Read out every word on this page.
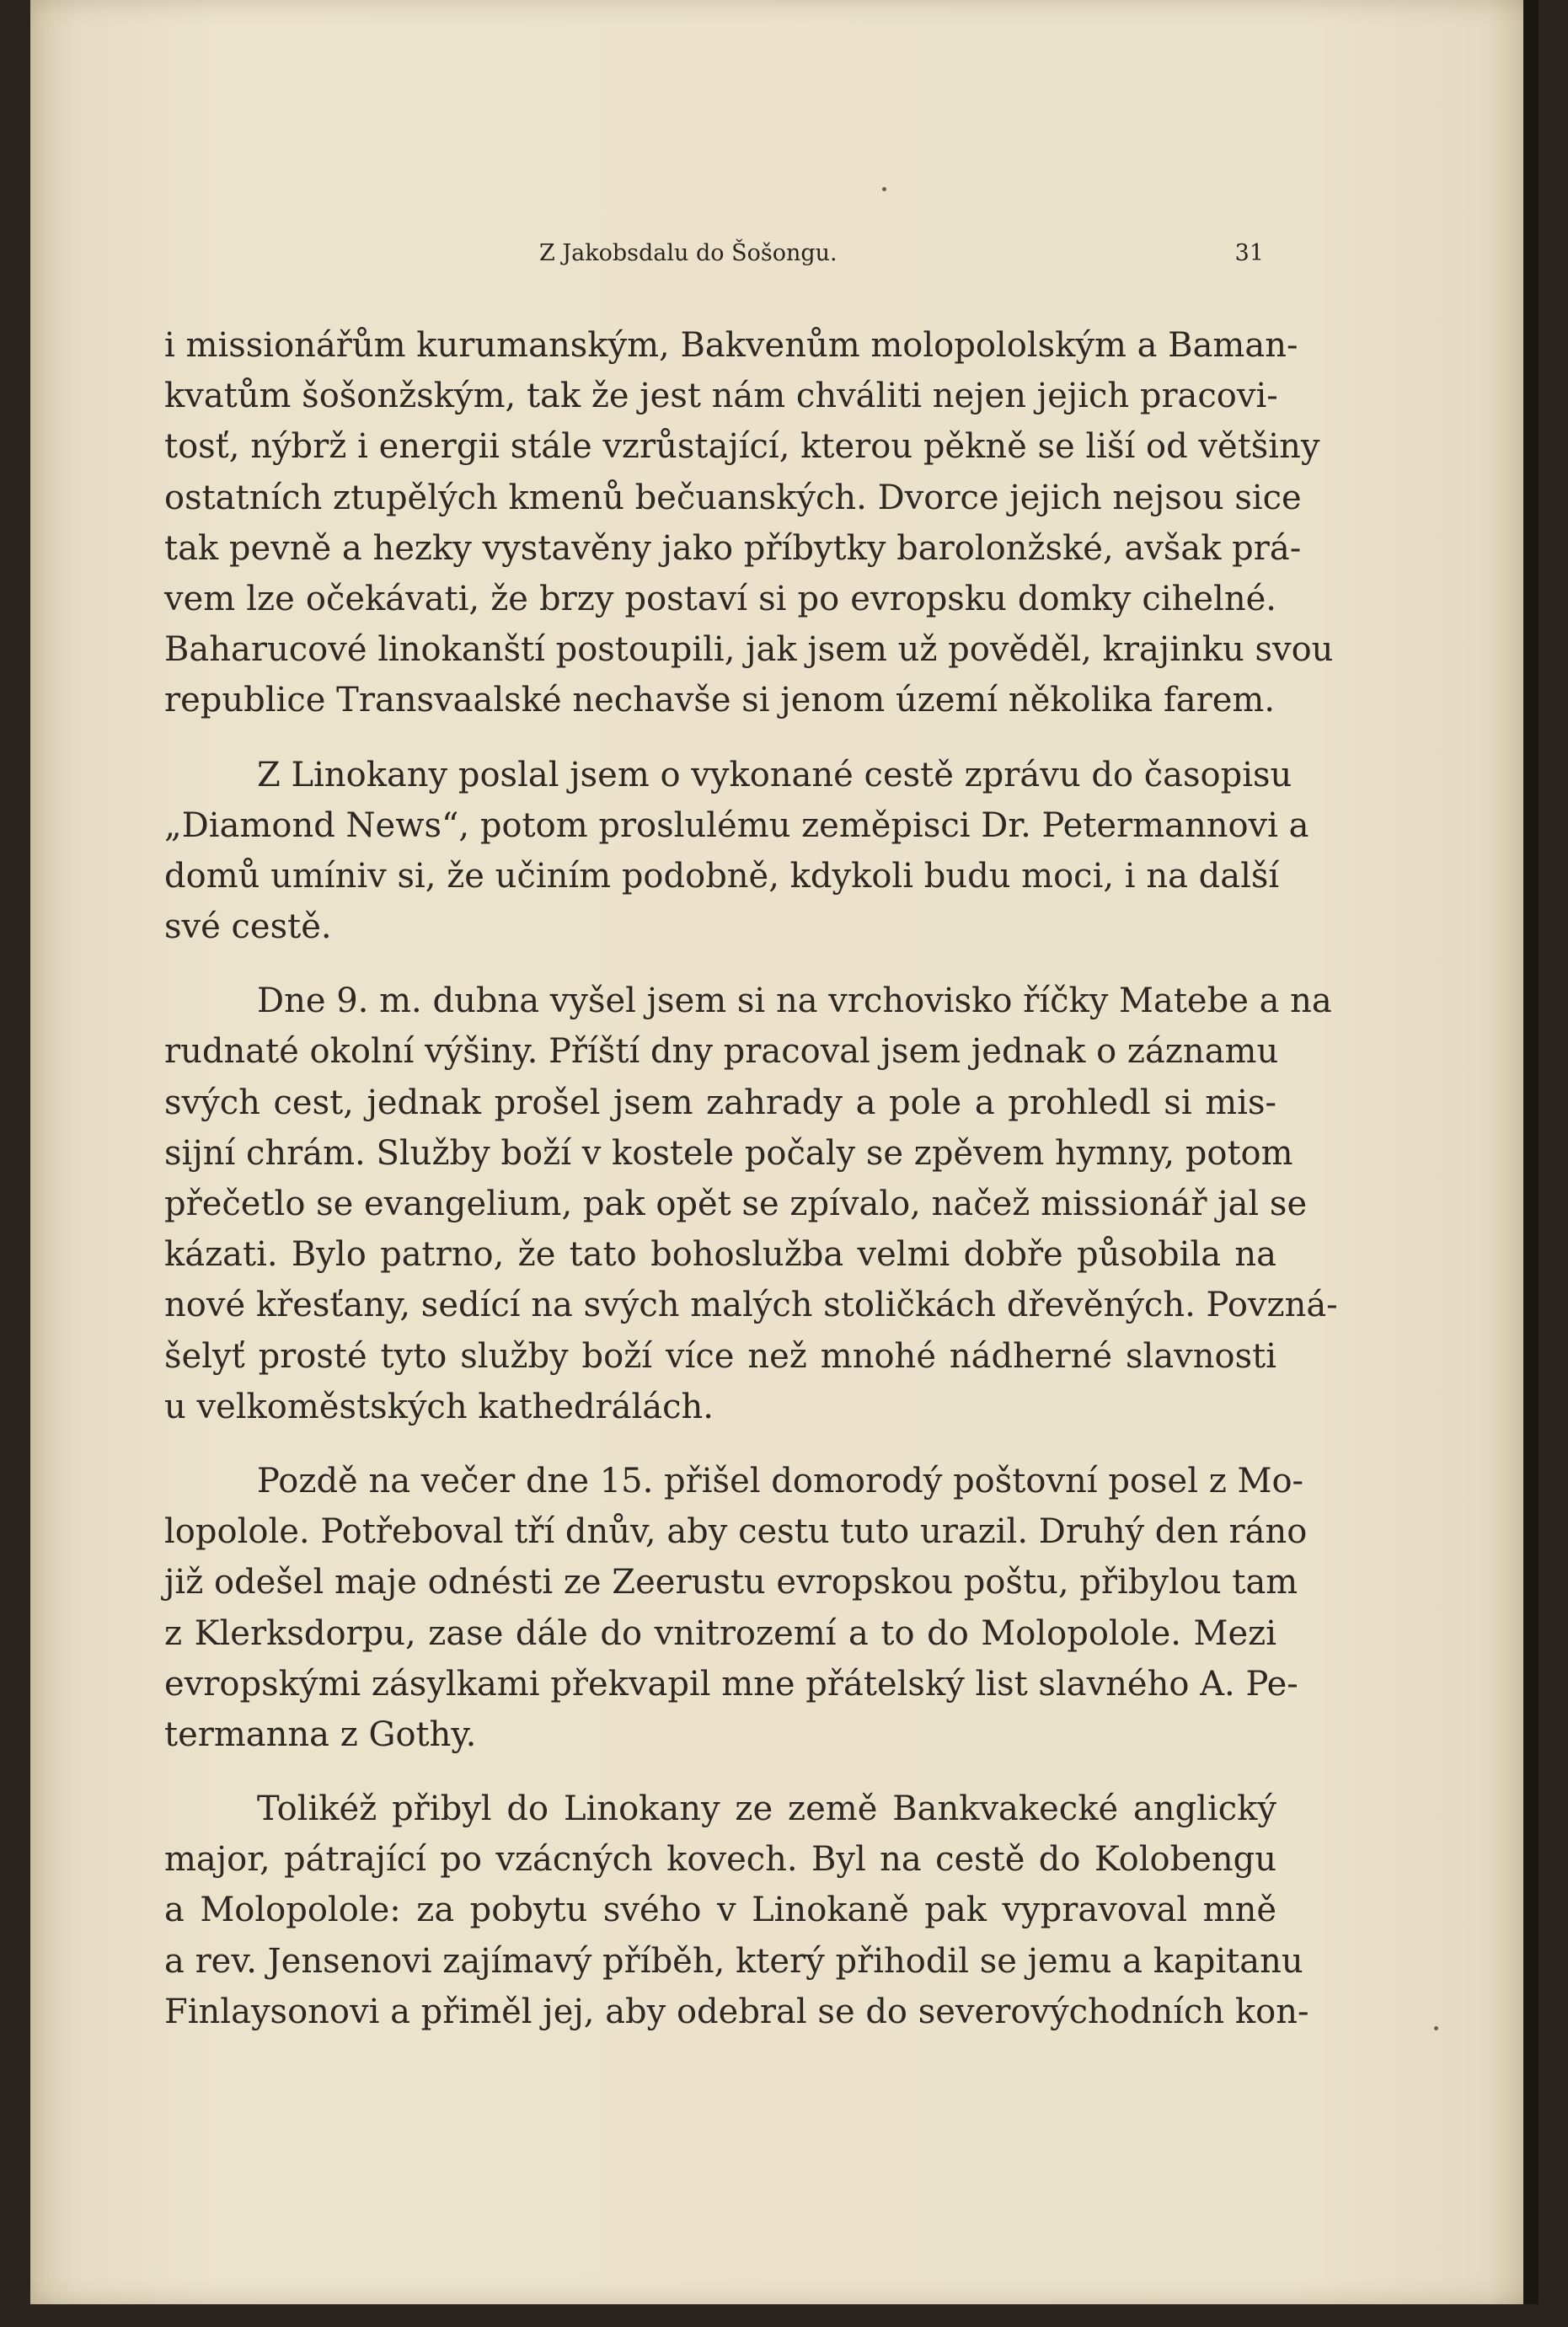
Z Jakobsdalu do Šošongu.	31
i missionářům kurumanským, Bakvenům molopololským a Baman-
kvatům šošonžským, tak že jest nám chváliti nejen jejich pracovi-
tosť, nýbrž i energii stále vzrůstající, kterou pěkně se liší od většiny
ostatních ztupělých kmenů bečuanských. Dvorce jejich nejsou sice
tak pevně a hezky vystavěny jako příbytky barolonžské, avšak prá-
vem lze očekávati, že brzy postaví si po evropsku domky cihelné.
Baharucové linokanští postoupili, jak jsem už pověděl, krajinku svou
republice Transvaalské nechavše si jenom území několika farem.
Z Linokany poslal jsem o vykonané cestě zprávu do časopisu
„Diamond News“, potom proslulému zeměpisci Dr. Petermannovi a
domů umíniv si, že učiním podobně, kdykoli budu moci, i na další
své cestě.
Dne 9. m. dubna vyšel jsem si na vrchovisko říčky Matebe a na
rudnaté okolní výšiny. Příští dny pracoval jsem jednak o záznamu
svých cest, jednak prošel jsem zahrady a pole a prohledl si mis-
sijní chrám. Služby boží v kostele počaly se zpěvem hymny, potom
přečetlo se evangelium, pak opět se zpívalo, načež missionář jal se
kázati. Bylo patrno, že tato bohoslužba velmi dobře působila na
nové křesťany, sedící na svých malých stoličkách dřevěných. Povzná-
šelyť prosté tyto služby boží více než mnohé nádherné slavnosti
u velkoměstských kathedrálách.
Pozdě na večer dne 15. přišel domorodý poštovní posel z Mo-
lopolole. Potřeboval tří dnův, aby cestu tuto urazil. Druhý den ráno
již odešel maje odnésti ze Zeerustu evropskou poštu, přibylou tam
z Klerksdorpu, zase dále do vnitrozemí a to do Molopolole. Mezi
evropskými zásylkami překvapil mne přátelský list slavného A. Pe-
termanna z Gothy.
Tolikéž přibyl do Linokany ze země Bankvakecké anglický
major, pátrající po vzácných kovech. Byl na cestě do Kolobengu
a Molopolole: za pobytu svého v Linokaně pak vypravoval mně
a rev. Jensenovi zajímavý příběh, který přihodil se jemu a kapitanu
Finlaysonovi a přiměl jej, aby odebral se do severovýchodních kon-
